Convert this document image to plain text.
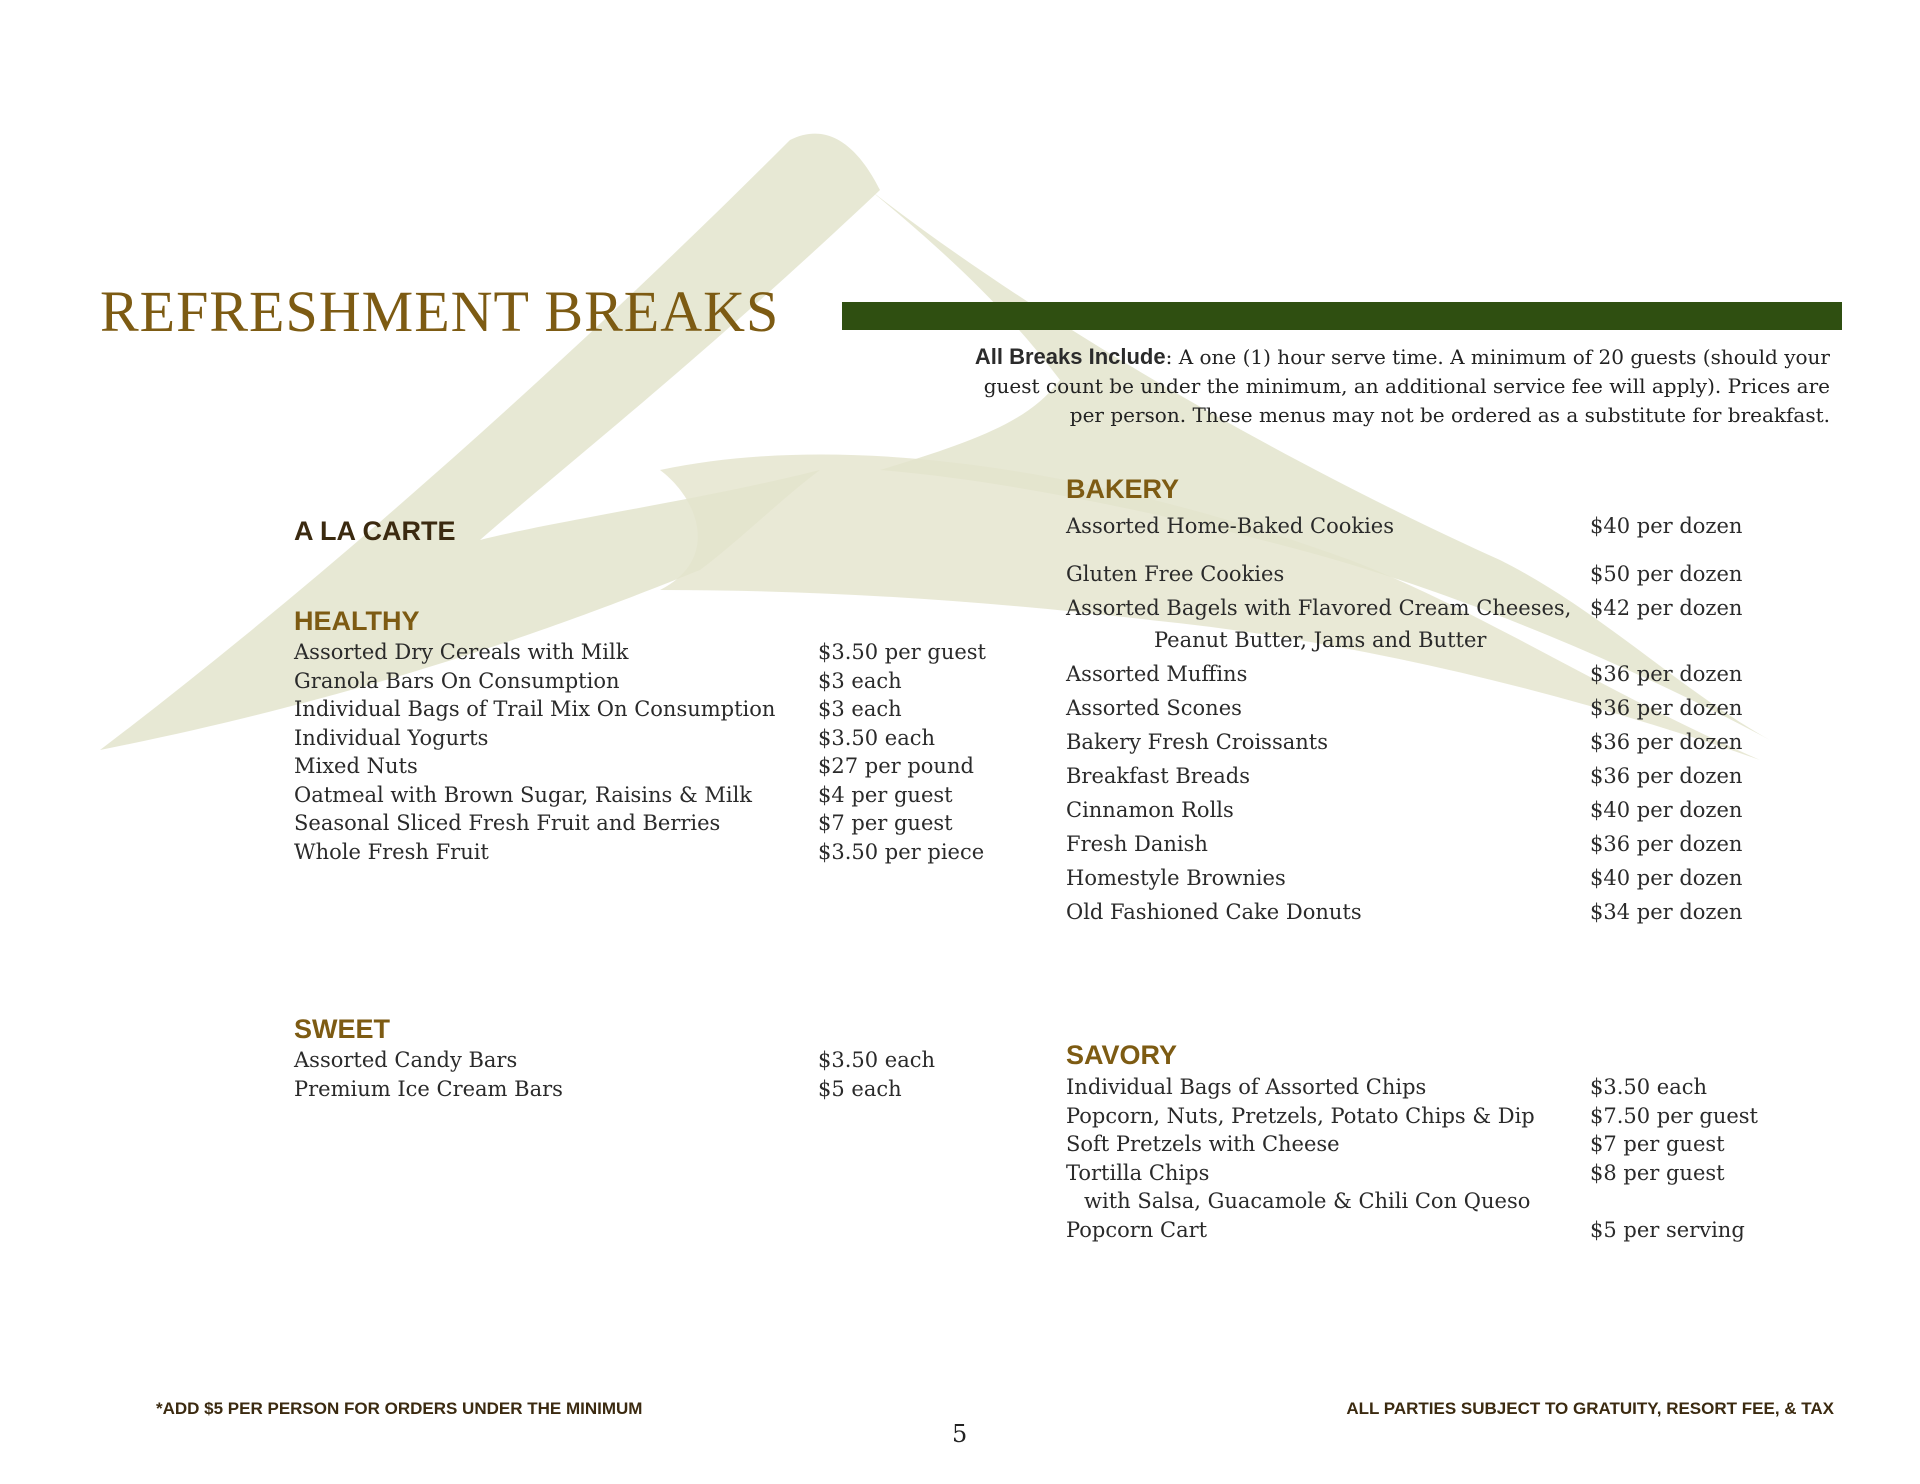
REFRESHMENT BREAKS
All Breaks Include: A one (1) hour serve time. A minimum of 20 guests (should your guest count be under the minimum, an additional service fee will apply). Prices are per person. These menus may not be ordered as a substitute for breakfast.
A LA CARTE
HEALTHY
Assorted Dry Cereals with Milk	$3.50 per guest
Granola Bars On Consumption	$3 each
Individual Bags of Trail Mix On Consumption $3 each
Individual Yogurts	$3.50 each
Mixed Nuts	$27 per pound
Oatmeal with Brown Sugar, Raisins & Milk	$4 per guest
Seasonal Sliced Fresh Fruit and Berries	$7 per guest
Whole Fresh Fruit	$3.50 per piece
SWEET
Assorted Candy Bars	$3.50 each
Premium Ice Cream Bars	$5 each
BAKERY
Assorted Home-Baked Cookies	$40 per dozen
Gluten Free Cookies	$50 per dozen
Assorted Bagels with Flavored Cream Cheeses,
Peanut Butter, Jams and Butter
$42 per dozen
Assorted Muffins	$36 per dozen
Assorted Scones	$36 per dozen
Bakery Fresh Croissants	$36 per dozen
Breakfast Breads	$36 per dozen
Cinnamon Rolls	$40 per dozen
Fresh Danish	$36 per dozen
Homestyle Brownies	$40 per dozen
Old Fashioned Cake Donuts	$34 per dozen
SAVORY
Individual Bags of Assorted Chips	$3.50 each
Popcorn, Nuts, Pretzels, Potato Chips & Dip	$7.50 per guest
Soft Pretzels with Cheese	$7 per guest
Tortilla Chips
with Salsa, Guacamole & Chili Con Queso
$8 per guest
Popcorn Cart	$5 per serving
*ADD $5 PER PERSON FOR ORDERS UNDER THE MINIMUM	ALL PARTIES SUBJECT TO GRATUITY, RESORT FEE, & TAX
5
